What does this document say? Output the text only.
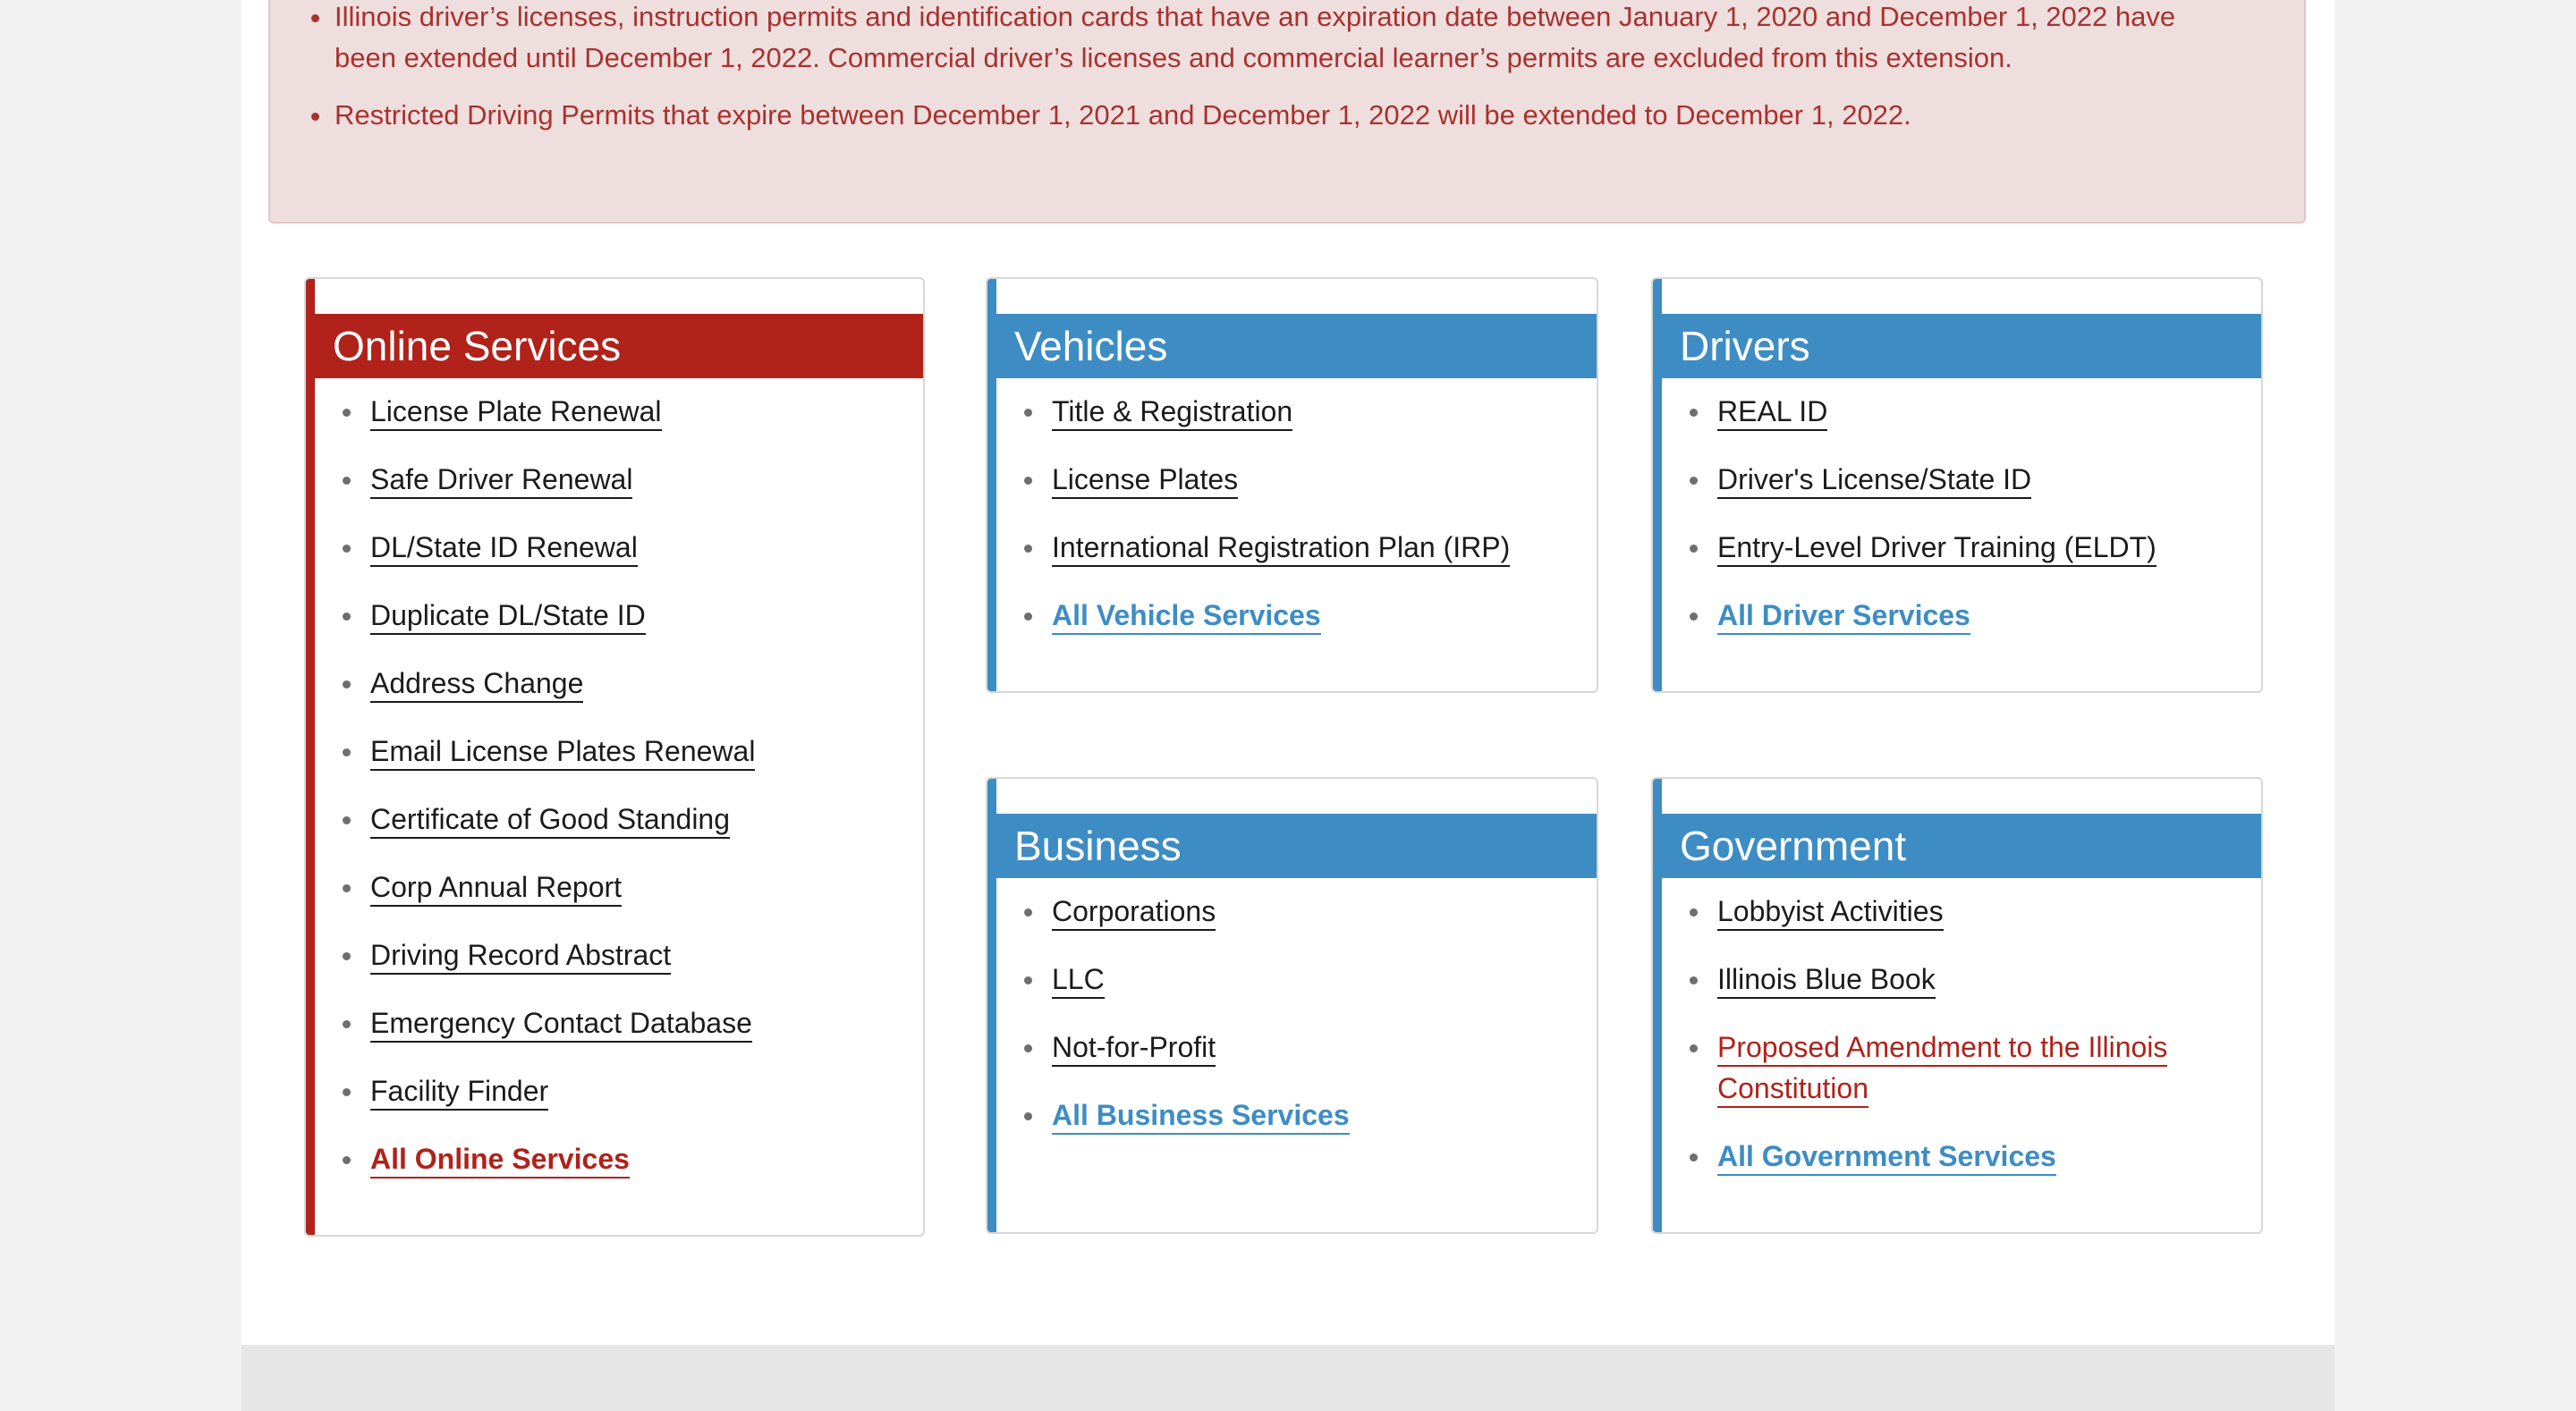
Illinois driver’s licenses, instruction permits and identification cards that have an expiration date between January 1, 2020 and December 1, 2022 have been extended until December 1, 2022. Commercial driver’s licenses and commercial learner’s permits are excluded from this extension.
Restricted Driving Permits that expire between December 1, 2021 and December 1, 2022 will be extended to December 1, 2022.
Online Services
License Plate Renewal
Safe Driver Renewal
DL/State ID Renewal
Duplicate DL/State ID
Address Change
Email License Plates Renewal
Certificate of Good Standing
Corp Annual Report
Driving Record Abstract
Emergency Contact Database
Facility Finder
All Online Services
Vehicles
Title & Registration
License Plates
International Registration Plan (IRP)
All Vehicle Services
Drivers
REAL ID
Driver's License/State ID
Entry-Level Driver Training (ELDT)
All Driver Services
Business
Corporations
LLC
Not-for-Profit
All Business Services
Government
Lobbyist Activities
Illinois Blue Book
Proposed Amendment to the Illinois Constitution
All Government Services
